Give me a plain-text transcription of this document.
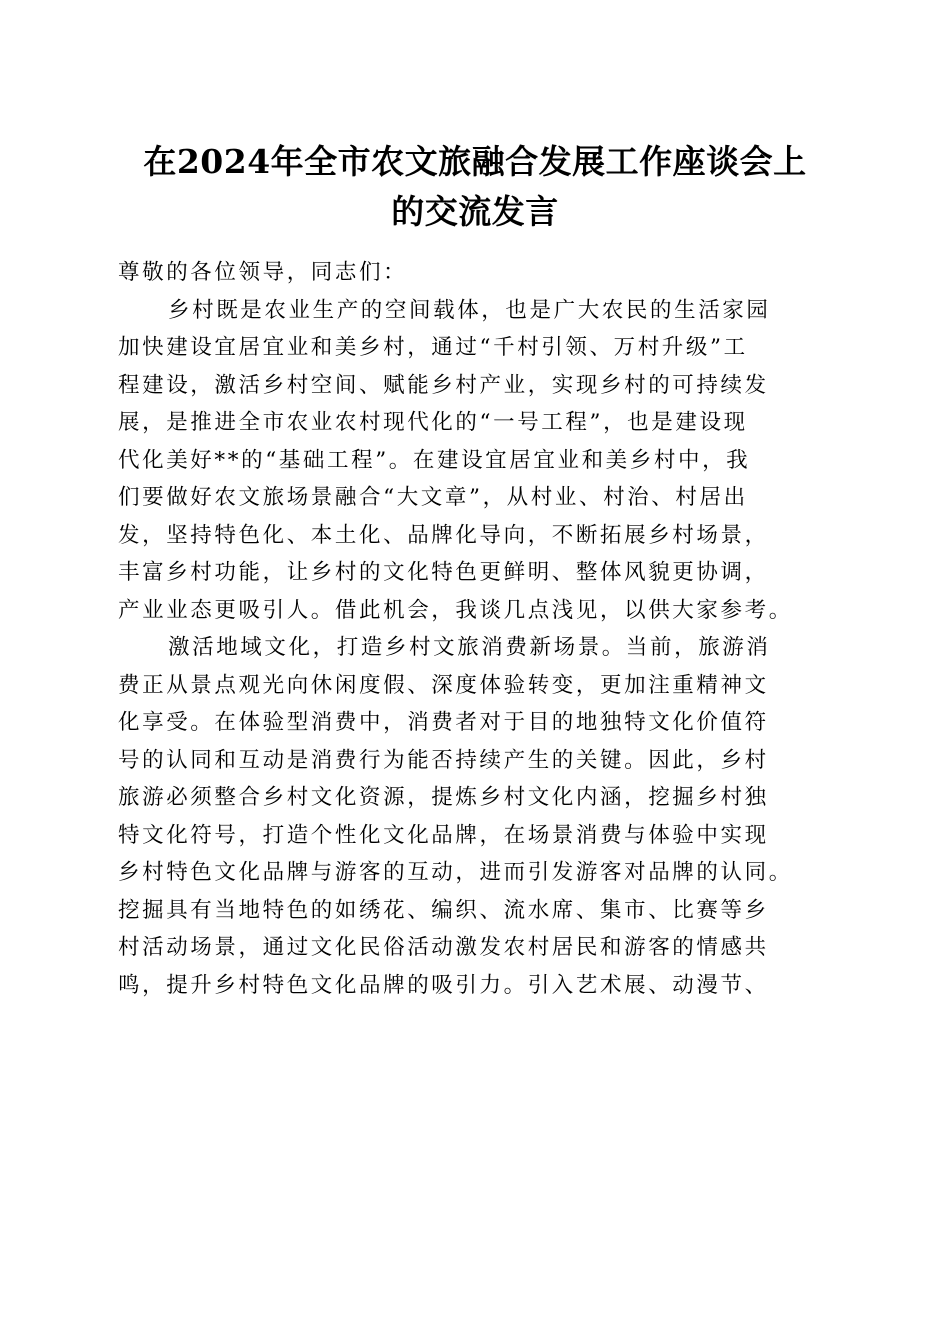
在2024年全市农文旅融合发展工作座谈会上
的交流发言
尊敬的各位领导，同志们：
乡村既是农业生产的空间载体，也是广大农民的生活家园
加快建设宜居宜业和美乡村，通过“千村引领、万村升级”工
程建设，激活乡村空间、赋能乡村产业，实现乡村的可持续发
展，是推进全市农业农村现代化的“一号工程”，也是建设现
代化美好**的“基础工程”。在建设宜居宜业和美乡村中，我
们要做好农文旅场景融合“大文章”，从村业、村治、村居出
发，坚持特色化、本土化、品牌化导向，不断拓展乡村场景，
丰富乡村功能，让乡村的文化特色更鲜明、整体风貌更协调，
产业业态更吸引人。借此机会，我谈几点浅见，以供大家参考。
激活地域文化，打造乡村文旅消费新场景。当前，旅游消
费正从景点观光向休闲度假、深度体验转变，更加注重精神文
化享受。在体验型消费中，消费者对于目的地独特文化价值符
号的认同和互动是消费行为能否持续产生的关键。因此，乡村
旅游必须整合乡村文化资源，提炼乡村文化内涵，挖掘乡村独
特文化符号，打造个性化文化品牌，在场景消费与体验中实现
乡村特色文化品牌与游客的互动，进而引发游客对品牌的认同。
挖掘具有当地特色的如绣花、编织、流水席、集市、比赛等乡
村活动场景，通过文化民俗活动激发农村居民和游客的情感共
鸣，提升乡村特色文化品牌的吸引力。引入艺术展、动漫节、
